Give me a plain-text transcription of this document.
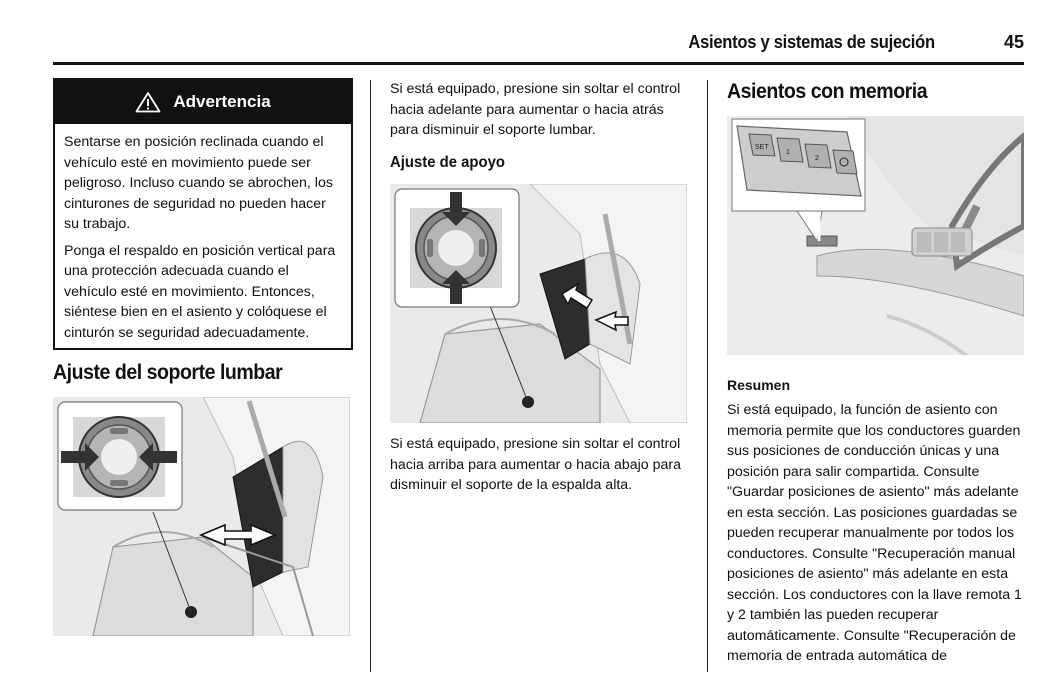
Asientos y sistemas de sujeción	45
Advertencia

Sentarse en posición reclinada cuando el vehículo esté en movimiento puede ser peligroso. Incluso cuando se abrochen, los cinturones de seguridad no pueden hacer su trabajo.

Ponga el respaldo en posición vertical para una protección adecuada cuando el vehículo esté en movimiento. Entonces, siéntese bien en el asiento y colóquese el cinturón se seguridad adecuadamente.

Ajuste del soporte lumbar

Si está equipado, presione sin soltar el control hacia adelante para aumentar o hacia atrás para disminuir el soporte lumbar.

Ajuste de apoyo

Si está equipado, presione sin soltar el control hacia arriba para aumentar o hacia abajo para disminuir el soporte de la espalda alta.

Asientos con memoria
SET
1
2
Resumen

Si está equipado, la función de asiento con memoria permite que los conductores guarden sus posiciones de conducción únicas y una posición para salir compartida. Consulte "Guardar posiciones de asiento" más adelante en esta sección. Las posiciones guardadas se pueden recuperar manualmente por todos los conductores. Consulte "Recuperación manual posiciones de asiento" más adelante en esta sección. Los conductores con la llave remota 1 y 2 también las pueden recuperar automáticamente. Consulte "Recuperación de memoria de entrada automática de
